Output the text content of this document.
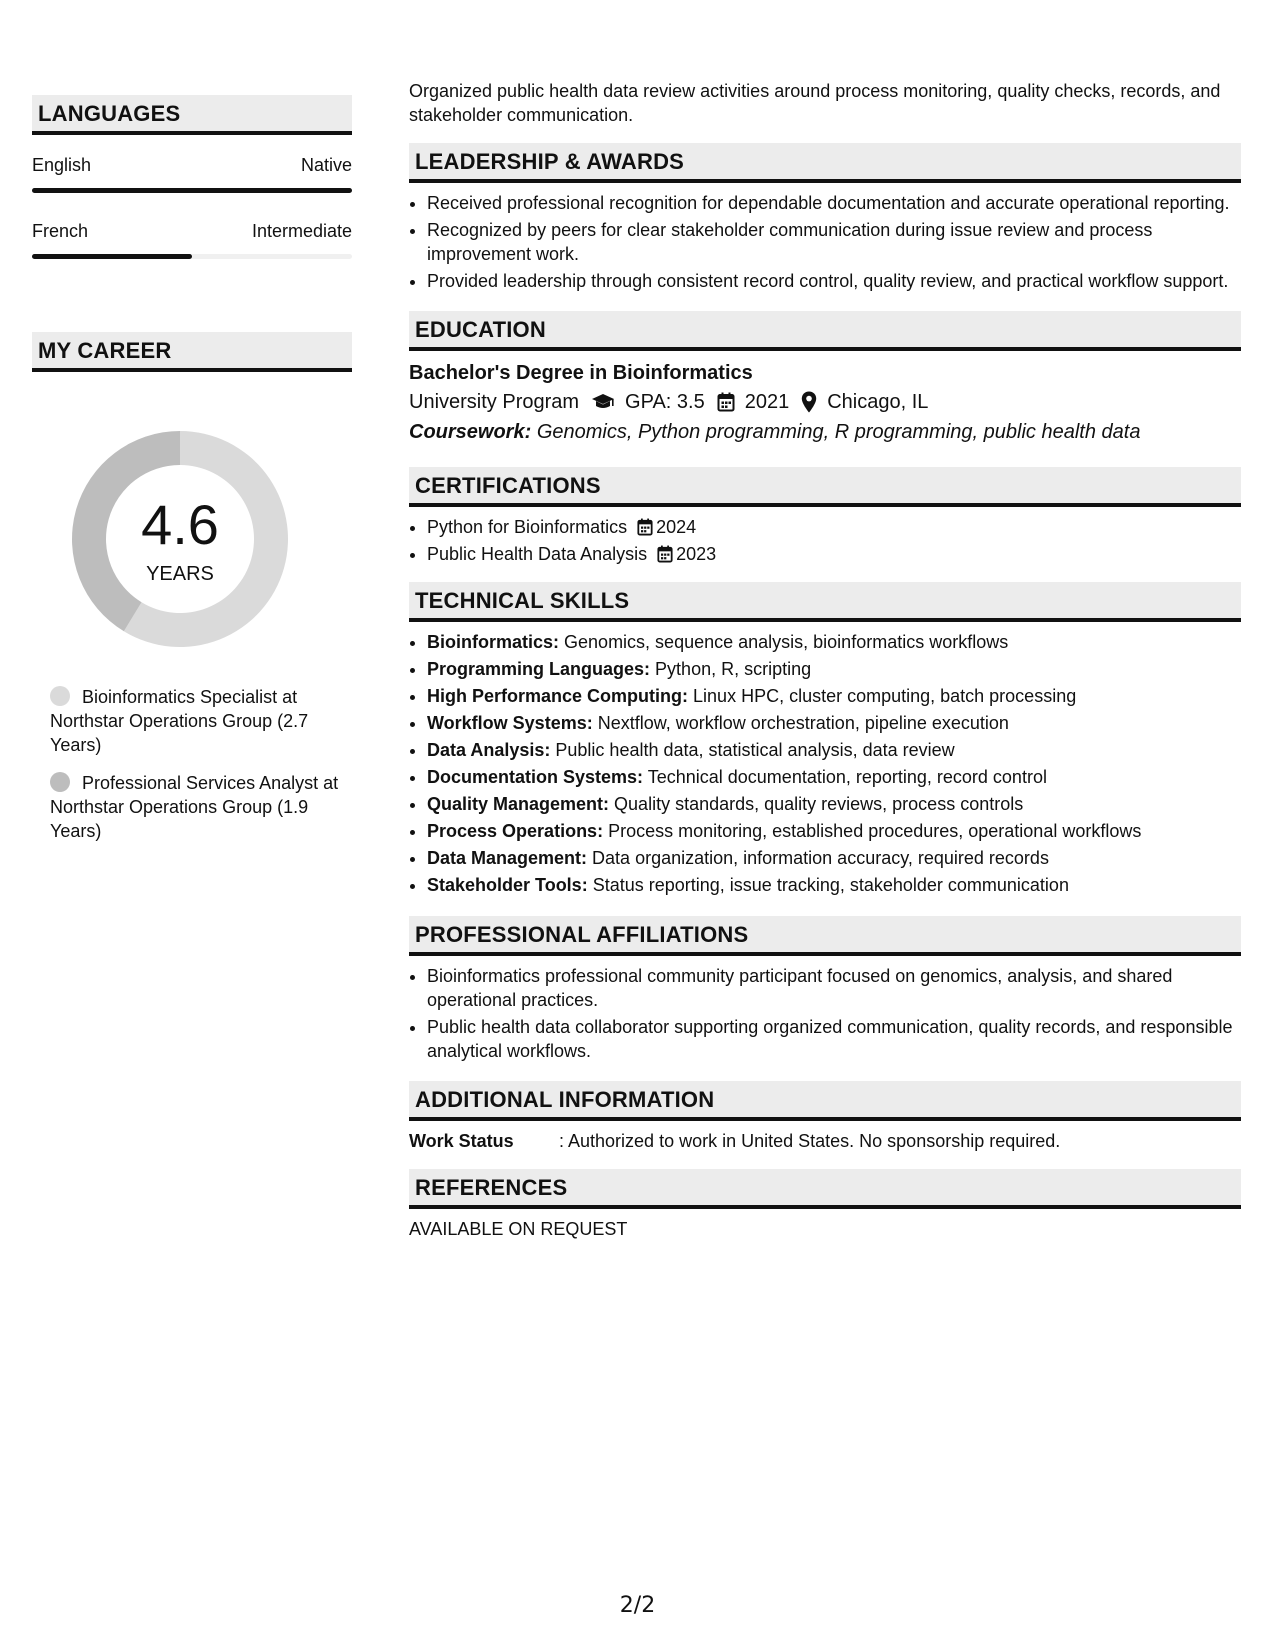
LANGUAGES
English	Native
French	Intermediate
MY CAREER
4.6
YEARS
Bioinformatics Specialist at Northstar Operations Group (2.7 Years)
Professional Services Analyst at Northstar Operations Group (1.9 Years)

Organized public health data review activities around process monitoring, quality checks, records, and stakeholder communication.

LEADERSHIP & AWARDS
• Received professional recognition for dependable documentation and accurate operational reporting.
• Recognized by peers for clear stakeholder communication during issue review and process improvement work.
• Provided leadership through consistent record control, quality review, and practical workflow support.
EDUCATION
Bachelor's Degree in Bioinformatics
University Program GPA: 3.5 2021 Chicago, IL
Coursework: Genomics, Python programming, R programming, public health data
CERTIFICATIONS
• Python for Bioinformatics 2024
• Public Health Data Analysis 2023
TECHNICAL SKILLS
• Bioinformatics: Genomics, sequence analysis, bioinformatics workflows
• Programming Languages: Python, R, scripting
• High Performance Computing: Linux HPC, cluster computing, batch processing
• Workflow Systems: Nextflow, workflow orchestration, pipeline execution
• Data Analysis: Public health data, statistical analysis, data review
• Documentation Systems: Technical documentation, reporting, record control
• Quality Management: Quality standards, quality reviews, process controls
• Process Operations: Process monitoring, established procedures, operational workflows
• Data Management: Data organization, information accuracy, required records
• Stakeholder Tools: Status reporting, issue tracking, stakeholder communication
PROFESSIONAL AFFILIATIONS
• Bioinformatics professional community participant focused on genomics, analysis, and shared operational practices.
• Public health data collaborator supporting organized communication, quality records, and responsible analytical workflows.
ADDITIONAL INFORMATION
Work Status	: Authorized to work in United States. No sponsorship required.
REFERENCES
AVAILABLE ON REQUEST
2/2
